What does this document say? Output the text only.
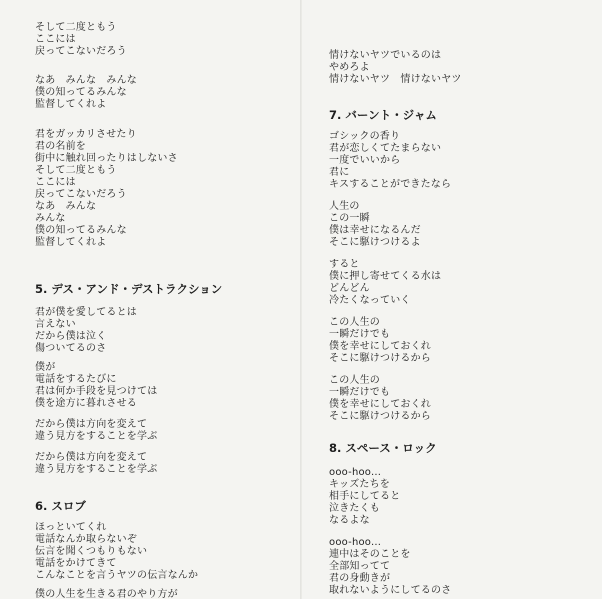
そして二度ともう
ここには
戻ってこないだろう
なあ　みんな　みんな
僕の知ってるみんな
監督してくれよ
君をガッカリさせたり
君の名前を
街中に触れ回ったりはしないさ
そして二度ともう
ここには
戻ってこないだろう
なあ　みんな
みんな
僕の知ってるみんな
監督してくれよ
5. デス・アンド・デストラクション
君が僕を愛してるとは
言えない
だから僕は泣く
傷ついてるのさ
僕が
電話をするたびに
君は何か手段を見つけては
僕を途方に暮れさせる
だから僕は方向を変えて
違う見方をすることを学ぶ
だから僕は方向を変えて
違う見方をすることを学ぶ
6. スロブ
ほっといてくれ
電話なんか取らないぞ
伝言を聞くつもりもない
電話をかけてきて
こんなことを言うヤツの伝言なんか
僕の人生を生きる君のやり方が
情けないヤツでいるのは
やめろよ
情けないヤツ　情けないヤツ
7. バーント・ジャム
ゴシックの香り
君が恋しくてたまらない
一度でいいから
君に
キスすることができたなら
人生の
この一瞬
僕は幸せになるんだ
そこに駆けつけるよ
すると
僕に押し寄せてくる水は
どんどん
冷たくなっていく
この人生の
一瞬だけでも
僕を幸せにしておくれ
そこに駆けつけるから
この人生の
一瞬だけでも
僕を幸せにしておくれ
そこに駆けつけるから
8. スペース・ロック
ooo-hoo...
キッズたちを
相手にしてると
泣きたくも
なるよな
ooo-hoo...
連中はそのことを
全部知ってて
君の身動きが
取れないようにしてるのさ
